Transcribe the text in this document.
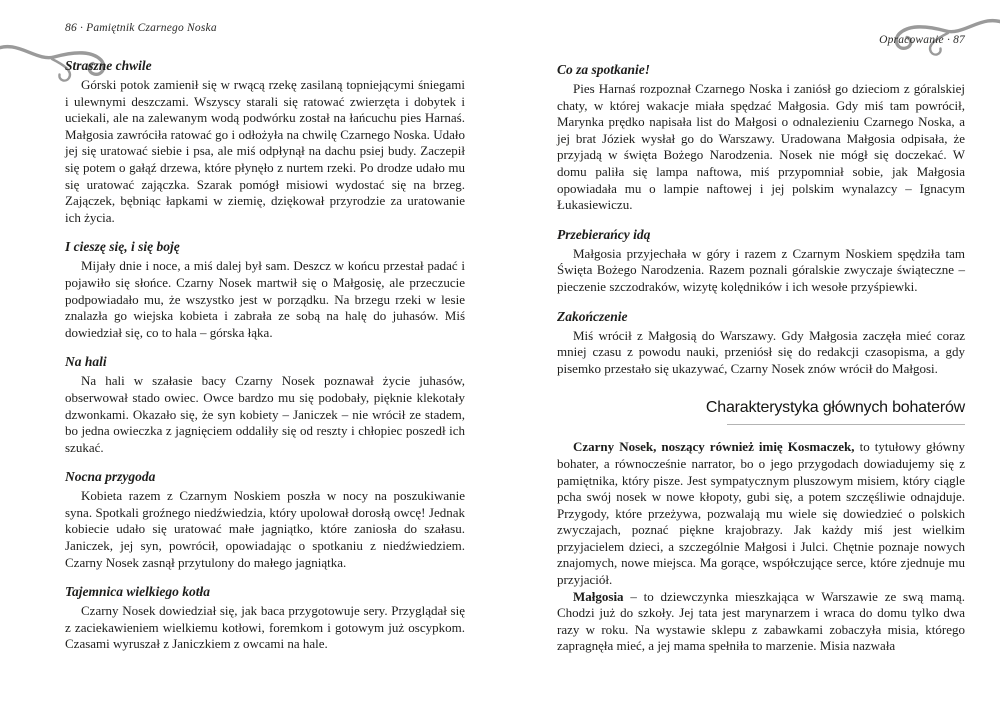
86 · Pamiętnik Czarnego Noska
Straszne chwile

Górski potok zamienił się w rwącą rzekę zasilaną topniejącymi śniegami i ulewnymi deszczami. Wszyscy starali się ratować zwierzęta i dobytek i uciekali, ale na zalewanym wodą podwórku został na łańcuchu pies Harnaś. Małgosia zawróciła ratować go i odłożyła na chwilę Czarnego Noska. Udało jej się uratować siebie i psa, ale miś odpłynął na dachu psiej budy. Zaczepił się potem o gałąź drzewa, które płynęło z nurtem rzeki. Po drodze udało mu się uratować zajączka. Szarak pomógł misiowi wydostać się na brzeg. Zajączek, bębniąc łapkami w ziemię, dziękował przyrodzie za uratowanie ich życia.

I cieszę się, i się boję

Mijały dnie i noce, a miś dalej był sam. Deszcz w końcu przestał padać i pojawiło się słońce. Czarny Nosek martwił się o Małgosię, ale przeczucie podpowiadało mu, że wszystko jest w porządku. Na brzegu rzeki w lesie znalazła go wiejska kobieta i zabrała ze sobą na halę do juhasów. Miś dowiedział się, co to hala – górska łąka.

Na hali

Na hali w szałasie bacy Czarny Nosek poznawał życie juhasów, obserwował stado owiec. Owce bardzo mu się podobały, pięknie klekotały dzwonkami. Okazało się, że syn kobiety – Janiczek – nie wrócił ze stadem, bo jedna owieczka z jagnięciem oddaliły się od reszty i chłopiec poszedł ich szukać.

Nocna przygoda

Kobieta razem z Czarnym Noskiem poszła w nocy na poszukiwanie syna. Spotkali groźnego niedźwiedzia, który upolował dorosłą owcę! Jednak kobiecie udało się uratować małe jagniątko, które zaniosła do szałasu. Janiczek, jej syn, powrócił, opowiadając o spotkaniu z niedźwiedziem. Czarny Nosek zasnął przytulony do małego jagniątka.

Tajemnica wielkiego kotła

Czarny Nosek dowiedział się, jak baca przygotowuje sery. Przyglądał się z zaciekawieniem wielkiemu kotłowi, foremkom i gotowym już oscypkom. Czasami wyruszał z Janiczkiem z owcami na hale.

Opracowanie · 87
Co za spotkanie!

Pies Harnaś rozpoznał Czarnego Noska i zaniósł go dzieciom z góralskiej chaty, w której wakacje miała spędzać Małgosia. Gdy miś tam powrócił, Marynka prędko napisała list do Małgosi o odnalezieniu Czarnego Noska, a jej brat Józiek wysłał go do Warszawy. Uradowana Małgosia odpisała, że przyjadą w święta Bożego Narodzenia. Nosek nie mógł się doczekać. W domu paliła się lampa naftowa, miś przypomniał sobie, jak Małgosia opowiadała mu o lampie naftowej i jej polskim wynalazcy – Ignacym Łukasiewiczu.

Przebierańcy idą

Małgosia przyjechała w góry i razem z Czarnym Noskiem spędziła tam Święta Bożego Narodzenia. Razem poznali góralskie zwyczaje świąteczne – pieczenie szczodraków, wizytę kolędników i ich wesołe przyśpiewki.

Zakończenie

Miś wrócił z Małgosią do Warszawy. Gdy Małgosia zaczęła mieć coraz mniej czasu z powodu nauki, przeniósł się do redakcji czasopisma, a gdy pisemko przestało się ukazywać, Czarny Nosek znów wrócił do Małgosi.

Charakterystyka głównych bohaterów

Czarny Nosek, noszący również imię Kosmaczek, to tytułowy główny bohater, a równocześnie narrator, bo o jego przygodach dowiadujemy się z pamiętnika, który pisze. Jest sympatycznym pluszowym misiem, który ciągle pcha swój nosek w nowe kłopoty, gubi się, a potem szczęśliwie odnajduje. Przygody, które przeżywa, pozwalają mu wiele się dowiedzieć o polskich zwyczajach, poznać piękne krajobrazy. Jak każdy miś jest wielkim przyjacielem dzieci, a szczególnie Małgosi i Julci. Chętnie poznaje nowych znajomych, nowe miejsca. Ma gorące, współczujące serce, które zjednuje mu przyjaciół.

Małgosia – to dziewczynka mieszkająca w Warszawie ze swą mamą. Chodzi już do szkoły. Jej tata jest marynarzem i wraca do domu tylko dwa razy w roku. Na wystawie sklepu z zabawkami zobaczyła misia, którego zapragnęła mieć, a jej mama spełniła to marzenie. Misia nazwała
